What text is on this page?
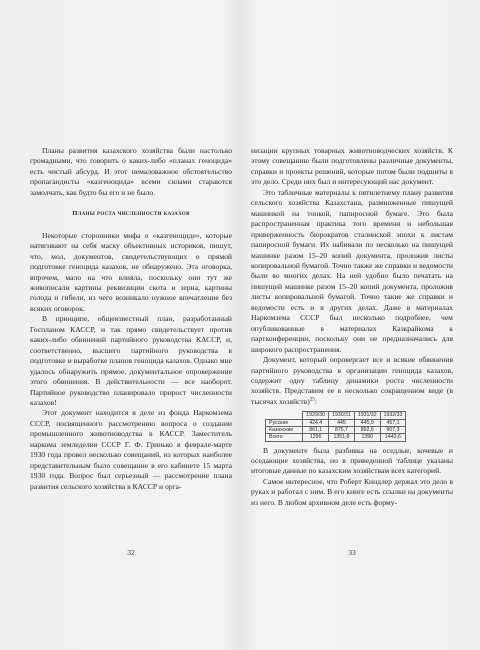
Планы развития казахского хозяйства были настолько громадными, что говорить о каких-либо «планах геноцида» есть чистый абсурд. И этот немаловажное обстоятельство пропагандисты «казгеноцида» всеми силами стараются замолчать, как будто бы его и не было.

Планы роста численности казахов

Некоторые сторонники мифа о «казгеноциде», которые натягивают на себя маску объективных историков, пишут, что, мол, документов, свидетельствующих о прямой подготовке геноцида казахов, не обнаружено. Эта оговорка, впрочем, мало на что влияла, поскольку они тут же живописали картины реквизиции скота и зерна, картины голода и гибели, из чего возникало нужное впечатление без всяких оговорок.

В принципе, общеизвестный план, разработанный Госпланом КАССР, и так прямо свидетельствует против каких-либо обвинений партийного руководства КАССР, и, соответственно, высшего партийного руководства в подготовке и выработке планов геноцида казахов. Однако мне удалось обнаружить прямое, документальное опровержение этого обвинения. В действительности — все наоборот. Партийное руководство планировало прирост численности казахов!

Этот документ находится в деле из фонда Наркомзема СССР, посвященного рассмотрению вопроса о создании промышленного животноводства в КАССР. Заместитель наркома земледелия СССР Г. Ф. Гринько в феврале-марте 1930 года провел несколько совещаний, из которых наиболее представительным было совещание в его кабинете 15 марта 1930 года. Вопрос был серьезный — рассмотрение плана развития сельского хозяйства в КАССР и орга-

32

низации крупных товарных животноводческих хозяйств. К этому совещанию были подготовлены различные документы, справки и проекты решений, которые потом были подшиты в это дело. Среди них был и интересующий нас документ.

Это табличные материалы к пятилетнему плану развития сельского хозяйства Казахстана, размноженные пишущей машинкой на тонкой, папиросной бумаге. Это была распространенная практика того времени и небольшая приверженность бюрократов сталинской эпохи к листам папиросной бумаги. Их набивали по несколько на пишущей машинке разом 15–20 копий документа, проложив листы копировальной бумагой. Точно также же справки и ведомости были во многих делах. На ней удобно было печатать на пишущей машинке разом 15–20 копий документа, проложив листы копировальной бумагой. Точно такие же справки и ведомости есть и в других делах. Даже в материалах Наркомзема СССР был несколько подробнее, чем опубликованные в материалах Казкрайкома к партконференции, поскольку они не предназначались для широкого распространения.

Документ, который опровергает все и всякие обвинения партийного руководства в организации геноцида казахов, содержит одну таблицу динамики роста численности хозяйств. Представим ее в несколько сокращенном виде (в тысячах хозяйств)$^{25}$:

	1929/30	1930/31	1931/32	1932/33
Русские	424,4	445	445,9	457,1
Казахские	861,1	875,7	892,6	907,3
Всего	1296	1351,8	1390	1443,6

В документе была разбивка на оседлые, кочевые и оседающие хозяйства, но в приведенной таблице указаны итоговые данные по казахским хозяйствам всех категорий.

Самое интересное, что Роберт Киндлер держал это дело в руках и работал с ним. В его книге есть ссылки на документы из него. В любом архивном деле есть форму-

33
